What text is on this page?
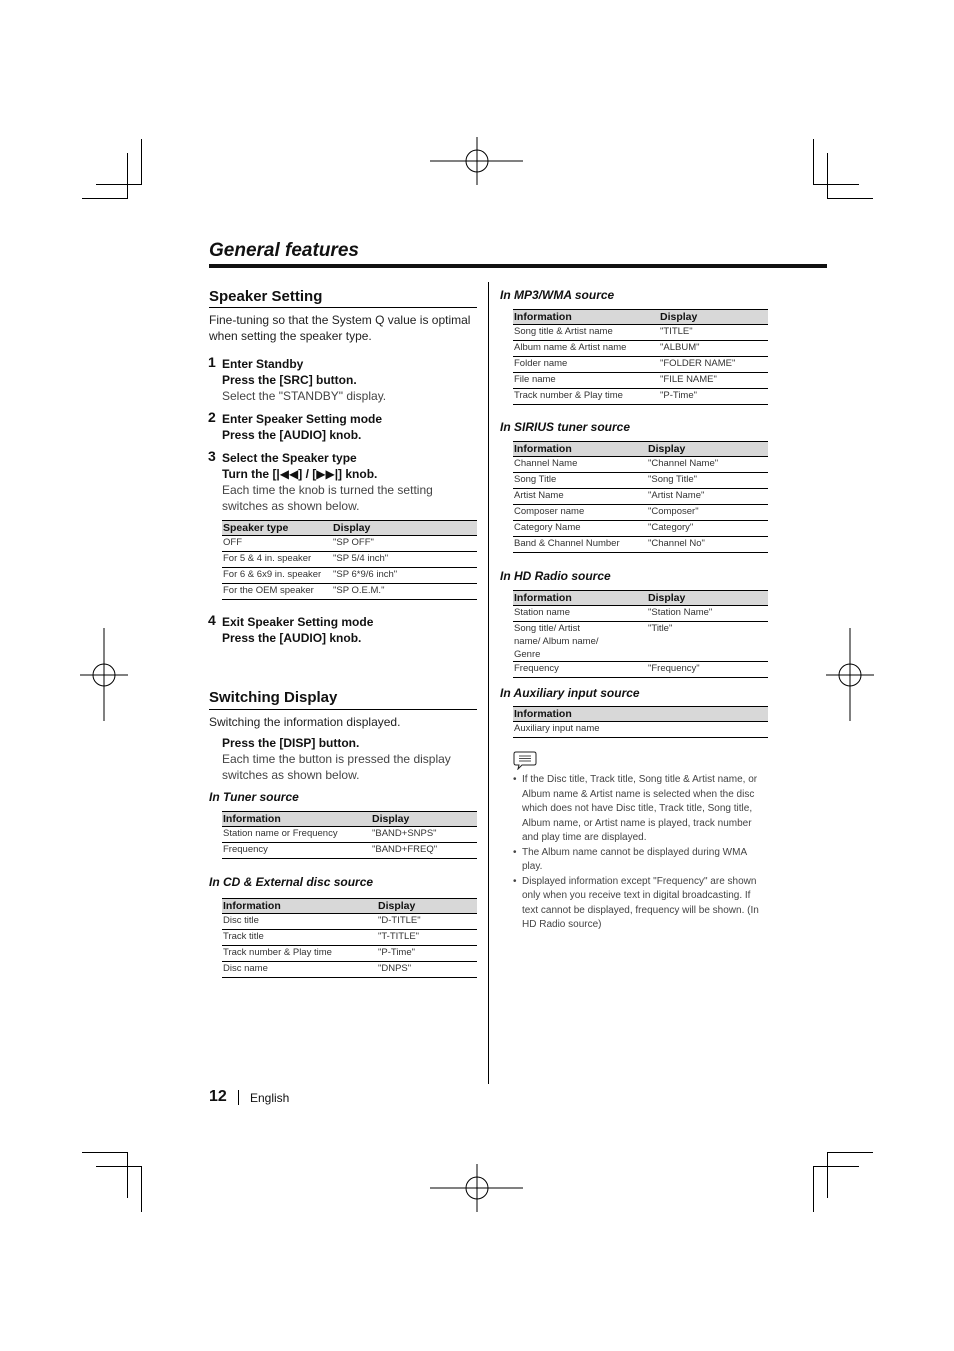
General features
Speaker Setting
Fine-tuning so that the System Q value is optimal when setting the speaker type.
1 Enter Standby
Press the [SRC] button.
Select the "STANDBY" display.
2 Enter Speaker Setting mode
Press the [AUDIO] knob.
3 Select the Speaker type
Turn the [|◀◀] / [▶▶|] knob.
Each time the knob is turned the setting switches as shown below.
Speaker type	Display
OFF	"SP OFF"
For 5 & 4 in. speaker	"SP 5/4 inch"
For 6 & 6x9 in. speaker	"SP 6*9/6 inch"
For the OEM speaker	"SP O.E.M."
4 Exit Speaker Setting mode
Press the [AUDIO] knob.
Switching Display
Switching the information displayed.
Press the [DISP] button.
Each time the button is pressed the display switches as shown below.
In Tuner source
Information	Display
Station name or Frequency	"BAND+SNPS"
Frequency	"BAND+FREQ"
In CD & External disc source
Information	Display
Disc title	"D-TITLE"
Track title	"T-TITLE"
Track number & Play time	"P-Time"
Disc name	"DNPS"
In MP3/WMA source
Information	Display
Song title & Artist name	"TITLE"
Album name & Artist name	"ALBUM"
Folder name	"FOLDER NAME"
File name	"FILE NAME"
Track number & Play time	"P-Time"
In SIRIUS tuner source
Information	Display
Channel Name	"Channel Name"
Song Title	"Song Title"
Artist Name	"Artist Name"
Composer name	"Composer"
Category Name	"Category"
Band & Channel Number	"Channel No"
In HD Radio source
Information	Display
Station name	"Station Name"
Song title/ Artist name/ Album name/ Genre	"Title"
Frequency	"Frequency"
In Auxiliary input source
Information
Auxiliary input name
• If the Disc title, Track title, Song title & Artist name, or Album name & Artist name is selected when the disc which does not have Disc title, Track title, Song title, Album name, or Artist name is played, track number and play time are displayed.
• The Album name cannot be displayed during WMA play.
• Displayed information except "Frequency" are shown only when you receive text in digital broadcasting. If text cannot be displayed, frequency will be shown. (In HD Radio source)
12 English
